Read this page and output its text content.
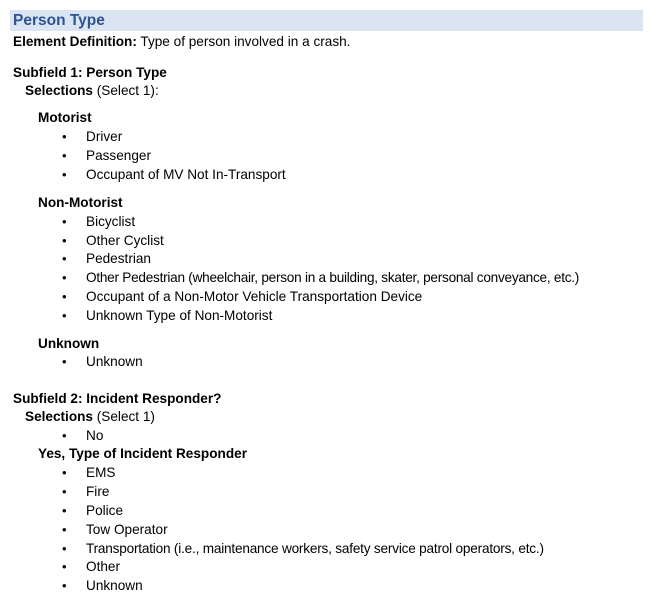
Person Type
Element Definition: Type of person involved in a crash.
Subfield 1: Person Type
Selections (Select 1):
Motorist
• Driver
• Passenger
• Occupant of MV Not In-Transport
Non-Motorist
• Bicyclist
• Other Cyclist
• Pedestrian
• Other Pedestrian (wheelchair, person in a building, skater, personal conveyance, etc.)
• Occupant of a Non-Motor Vehicle Transportation Device
• Unknown Type of Non-Motorist
Unknown
• Unknown
Subfield 2: Incident Responder?
Selections (Select 1)
• No
Yes, Type of Incident Responder
• EMS
• Fire
• Police
• Tow Operator
• Transportation (i.e., maintenance workers, safety service patrol operators, etc.)
• Other
• Unknown
